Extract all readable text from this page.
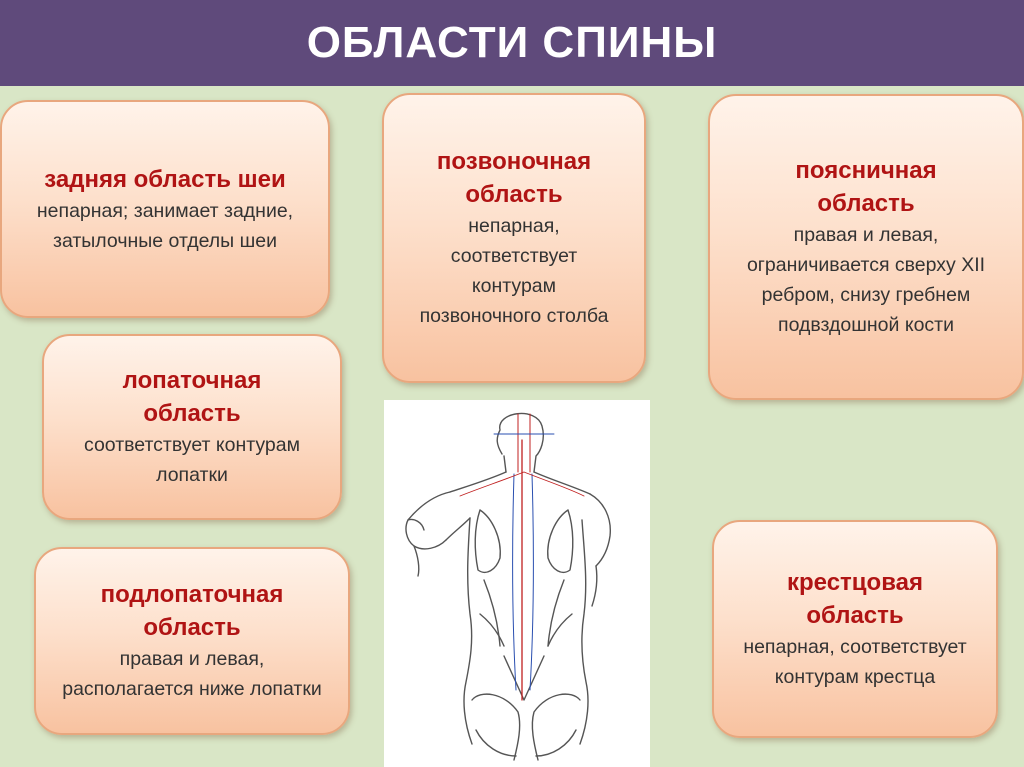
ОБЛАСТИ СПИНЫ
задняя область шеи
непарная; занимает задние, затылочные отделы шеи
позвоночная область
непарная, соответствует контурам позвоночного столба
поясничная область
правая и левая, ограничивается сверху XII ребром, снизу гребнем подвздошной кости
лопаточная область
соответствует контурам лопатки
подлопаточная область
правая и левая, располагается ниже лопатки
крестцовая область
непарная, соответствует контурам крестца
